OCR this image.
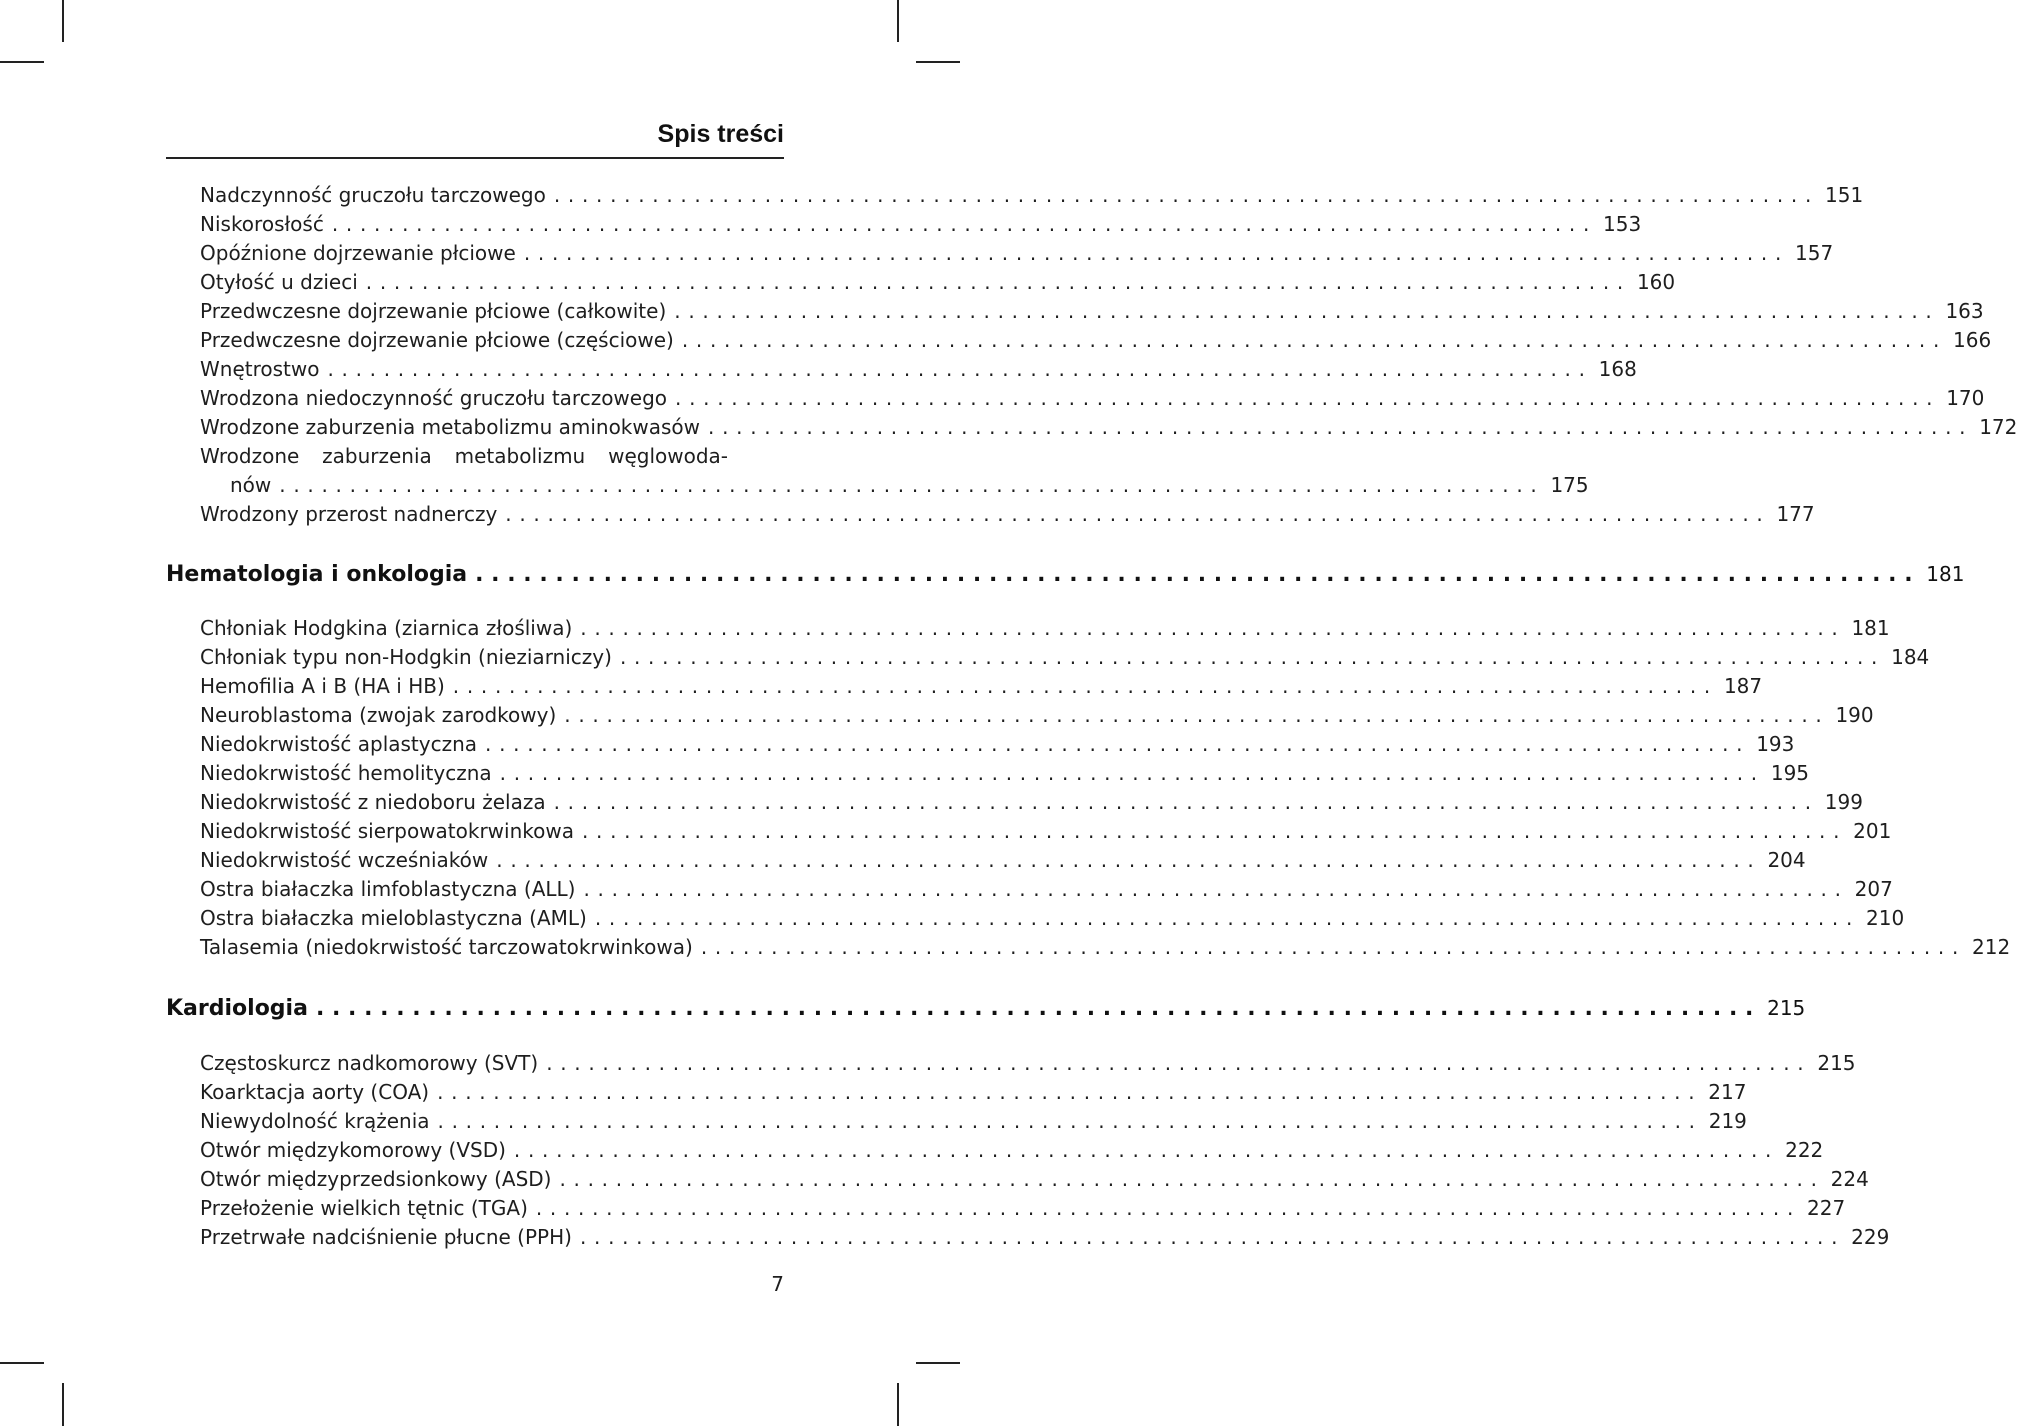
Spis treści
Nadczynność gruczołu tarczowego .......................................................................................... 151
Niskorosłość .......................................................................................... 153
Opóźnione dojrzewanie płciowe .......................................................................................... 157
Otyłość u dzieci .......................................................................................... 160
Przedwczesne dojrzewanie płciowe (całkowite) .......................................................................................... 163
Przedwczesne dojrzewanie płciowe (częściowe) .......................................................................................... 166
Wnętrostwo .......................................................................................... 168
Wrodzona niedoczynność gruczołu tarczowego .......................................................................................... 170
Wrodzone zaburzenia metabolizmu aminokwasów .......................................................................................... 172
Wrodzone zaburzenia metabolizmu węglowoda-
nów .......................................................................................... 175
Wrodzony przerost nadnerczy .......................................................................................... 177
Hematologia i onkologia .......................................................................................... 181
Chłoniak Hodgkina (ziarnica złośliwa) .......................................................................................... 181
Chłoniak typu non-Hodgkin (nieziarniczy) .......................................................................................... 184
Hemofilia A i B (HA i HB) .......................................................................................... 187
Neuroblastoma (zwojak zarodkowy) .......................................................................................... 190
Niedokrwistość aplastyczna .......................................................................................... 193
Niedokrwistość hemolityczna .......................................................................................... 195
Niedokrwistość z niedoboru żelaza .......................................................................................... 199
Niedokrwistość sierpowatokrwinkowa .......................................................................................... 201
Niedokrwistość wcześniaków .......................................................................................... 204
Ostra białaczka limfoblastyczna (ALL) .......................................................................................... 207
Ostra białaczka mieloblastyczna (AML) .......................................................................................... 210
Talasemia (niedokrwistość tarczowatokrwinkowa) .......................................................................................... 212
Kardiologia .......................................................................................... 215
Częstoskurcz nadkomorowy (SVT) .......................................................................................... 215
Koarktacja aorty (COA) .......................................................................................... 217
Niewydolność krążenia .......................................................................................... 219
Otwór międzykomorowy (VSD) .......................................................................................... 222
Otwór międzyprzedsionkowy (ASD) .......................................................................................... 224
Przełożenie wielkich tętnic (TGA) .......................................................................................... 227
Przetrwałe nadciśnienie płucne (PPH) .......................................................................................... 229
7
